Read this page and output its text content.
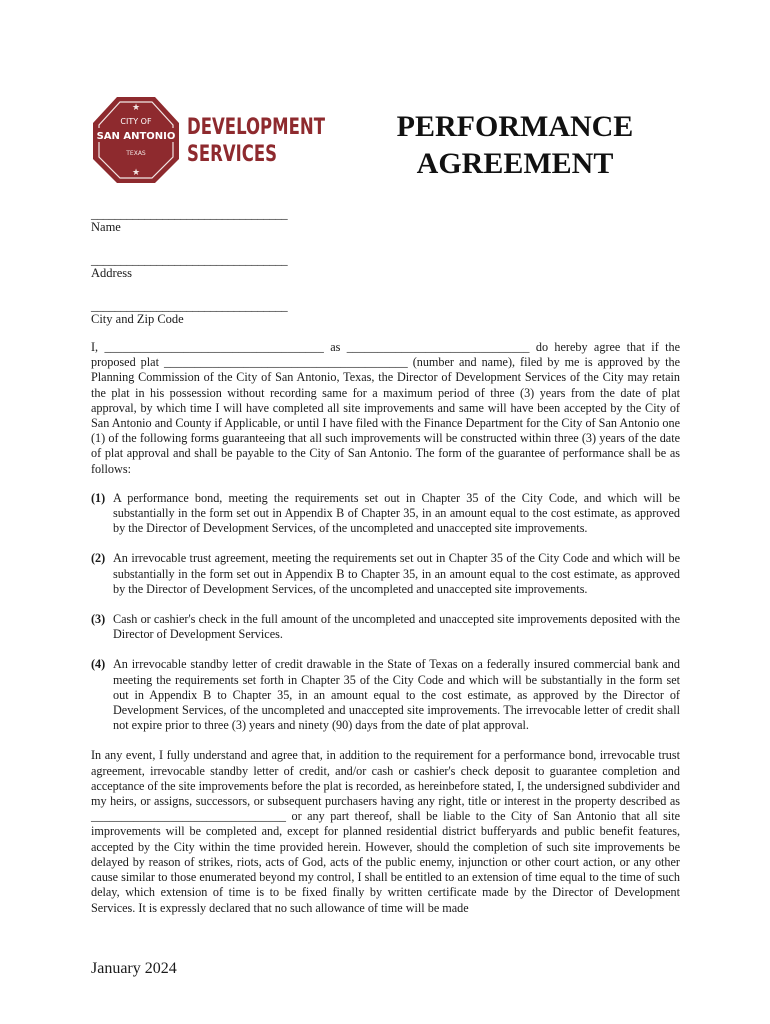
★
★
CITY OF
SAN ANTONIO
TEXAS
DEVELOPMENT
SERVICES
PERFORMANCE
AGREEMENT
_________________________________
Name
_________________________________
Address
_________________________________
City and Zip Code

I, ____________________________________ as ______________________________ do hereby agree that if the proposed plat ________________________________________ (number and name), filed by me is approved by the Planning Commission of the City of San Antonio, Texas, the Director of Development Services of the City may retain the plat in his possession without recording same for a maximum period of three (3) years from the date of plat approval, by which time I will have completed all site improvements and same will have been accepted by the City of San Antonio and County if Applicable, or until I have filed with the Finance Department for the City of San Antonio one (1) of the following forms guaranteeing that all such improvements will be constructed within three (3) years of the date of plat approval and shall be payable to the City of San Antonio. The form of the guarantee of performance shall be as follows:

(1) A performance bond, meeting the requirements set out in Chapter 35 of the City Code, and which will be substantially in the form set out in Appendix B of Chapter 35, in an amount equal to the cost estimate, as approved by the Director of Development Services, of the uncompleted and unaccepted site improvements.

(2) An irrevocable trust agreement, meeting the requirements set out in Chapter 35 of the City Code and which will be substantially in the form set out in Appendix B to Chapter 35, in an amount equal to the cost estimate, as approved by the Director of Development Services, of the uncompleted and unaccepted site improvements.

(3) Cash or cashier's check in the full amount of the uncompleted and unaccepted site improvements deposited with the Director of Development Services.

(4) An irrevocable standby letter of credit drawable in the State of Texas on a federally insured commercial bank and meeting the requirements set forth in Chapter 35 of the City Code and which will be substantially in the form set out in Appendix B to Chapter 35, in an amount equal to the cost estimate, as approved by the Director of Development Services, of the uncompleted and unaccepted site improvements. The irrevocable letter of credit shall not expire prior to three (3) years and ninety (90) days from the date of plat approval.

In any event, I fully understand and agree that, in addition to the requirement for a performance bond, irrevocable trust agreement, irrevocable standby letter of credit, and/or cash or cashier's check deposit to guarantee completion and acceptance of the site improvements before the plat is recorded, as hereinbefore stated, I, the undersigned subdivider and my heirs, or assigns, successors, or subsequent purchasers having any right, title or interest in the property described as ________________________________ or any part thereof, shall be liable to the City of San Antonio that all site improvements will be completed and, except for planned residential district bufferyards and public benefit features, accepted by the City within the time provided herein. However, should the completion of such site improvements be delayed by reason of strikes, riots, acts of God, acts of the public enemy, injunction or other court action, or any other cause similar to those enumerated beyond my control, I shall be entitled to an extension of time equal to the time of such delay, which extension of time is to be fixed finally by written certificate made by the Director of Development Services. It is expressly declared that no such allowance of time will be made

January 2024
